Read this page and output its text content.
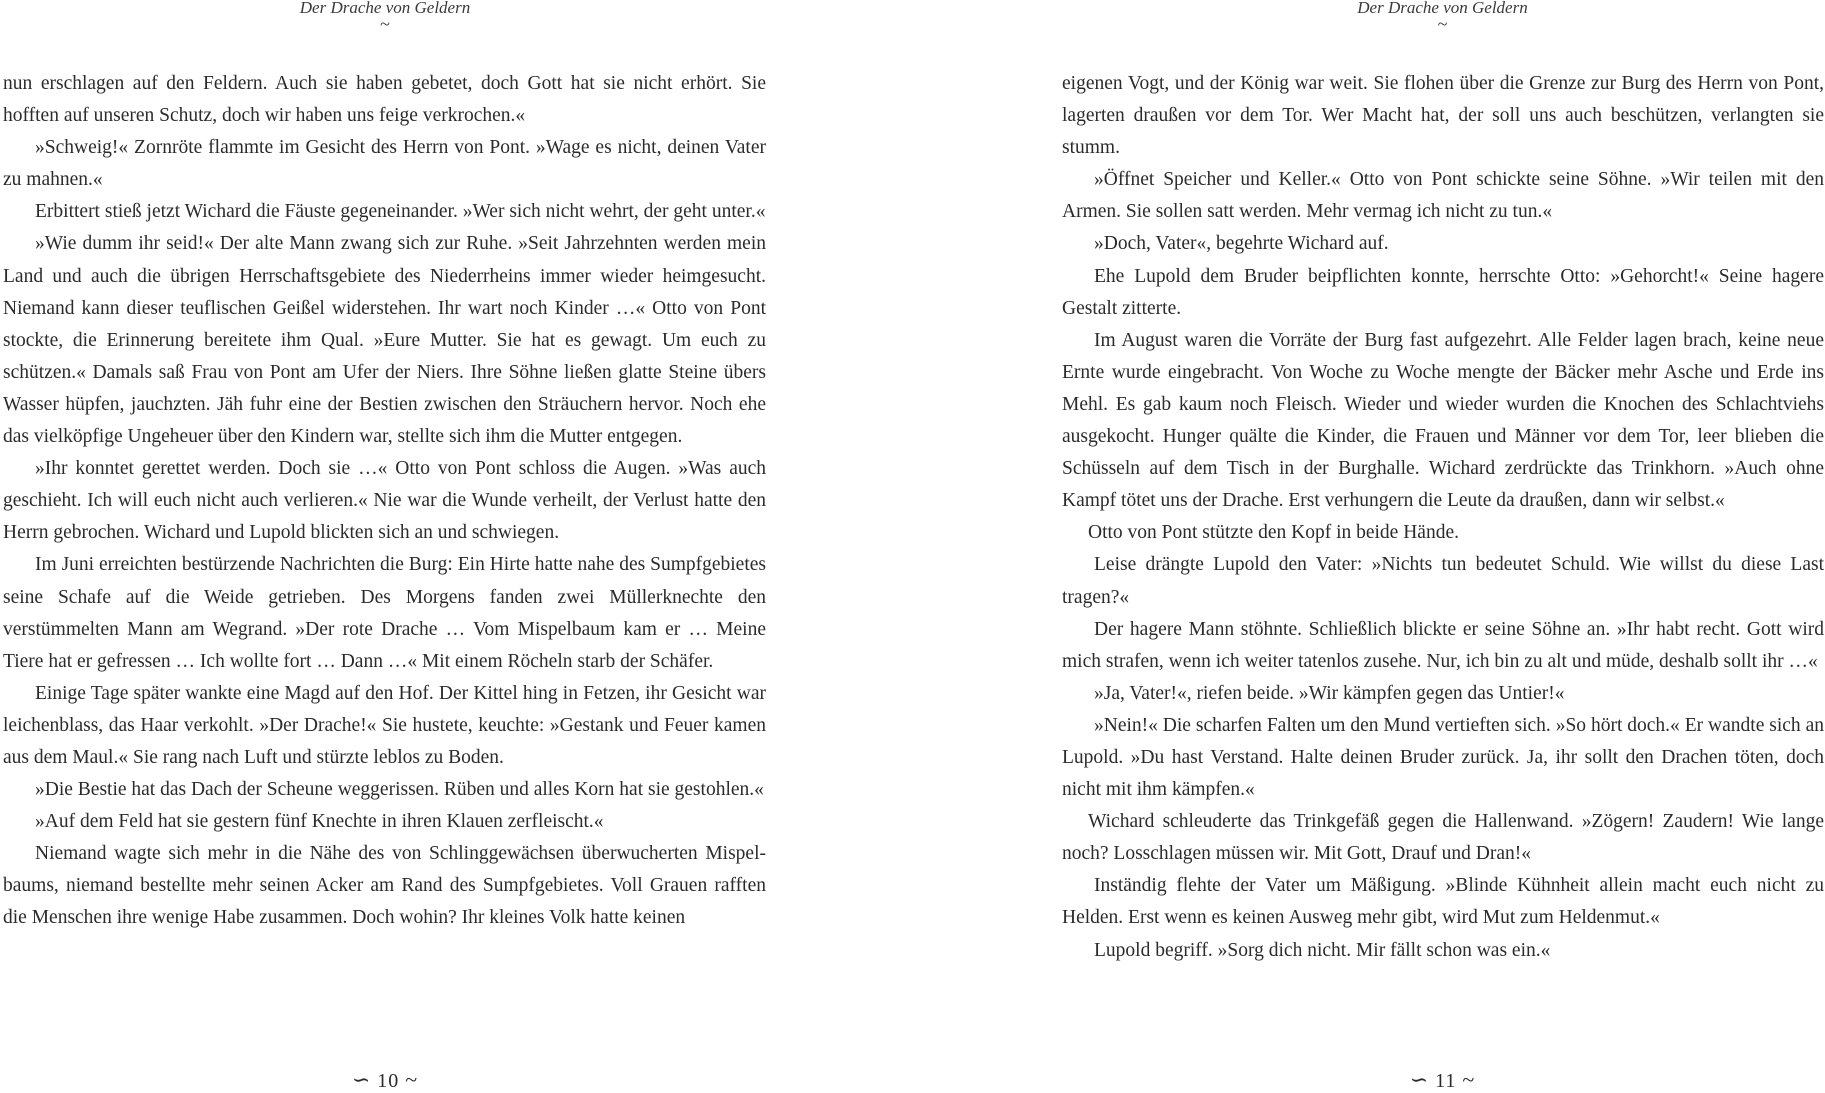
Der Drache von Geldern
~

nun erschlagen auf den Feldern. Auch sie haben gebetet, doch Gott hat sie nicht erhört. Sie hofften auf unseren Schutz, doch wir haben uns feige verkrochen.«

»Schweig!« Zornröte flammte im Gesicht des Herrn von Pont. »Wage es nicht, deinen Vater zu mahnen.«

Erbittert stieß jetzt Wichard die Fäuste gegeneinander. »Wer sich nicht wehrt, der geht unter.«

»Wie dumm ihr seid!« Der alte Mann zwang sich zur Ruhe. »Seit Jahrzehnten werden mein Land und auch die übrigen Herrschaftsgebiete des Niederrheins immer wieder heimgesucht. Niemand kann dieser teuflischen Geißel widerstehen. Ihr wart noch Kinder …« Otto von Pont stockte, die Erinnerung bereitete ihm Qual. »Eure Mutter. Sie hat es gewagt. Um euch zu schützen.« Damals saß Frau von Pont am Ufer der Niers. Ihre Söhne ließen glatte Steine übers Wasser hüpfen, jauchzten. Jäh fuhr eine der Bestien zwischen den Sträuchern hervor. Noch ehe das vielköpfige Ungeheuer über den Kindern war, stellte sich ihm die Mutter entgegen.

»Ihr konntet gerettet werden. Doch sie …« Otto von Pont schloss die Augen. »Was auch geschieht. Ich will euch nicht auch verlieren.« Nie war die Wunde verheilt, der Verlust hatte den Herrn gebrochen. Wichard und Lupold blickten sich an und schwiegen.

Im Juni erreichten bestürzende Nachrichten die Burg: Ein Hirte hatte nahe des Sumpfgebietes seine Schafe auf die Weide getrieben. Des Morgens fanden zwei Müllerknechte den verstümmelten Mann am Wegrand. »Der rote Drache … Vom Mispelbaum kam er … Meine Tiere hat er gefressen … Ich wollte fort … Dann …« Mit einem Röcheln starb der Schäfer.

Einige Tage später wankte eine Magd auf den Hof. Der Kittel hing in Fetzen, ihr Gesicht war leichenblass, das Haar verkohlt. »Der Drache!« Sie hustete, keuchte: »Gestank und Feuer kamen aus dem Maul.« Sie rang nach Luft und stürzte leblos zu Boden.

»Die Bestie hat das Dach der Scheune weggerissen. Rüben und alles Korn hat sie gestohlen.«

»Auf dem Feld hat sie gestern fünf Knechte in ihren Klauen zerfleischt.«

Niemand wagte sich mehr in die Nähe des von Schlinggewächsen überwucherten Mispelbaums, niemand bestellte mehr seinen Acker am Rand des Sumpfgebietes. Voll Grauen rafften die Menschen ihre wenige Habe zusammen. Doch wohin? Ihr kleines Volk hatte keinen

∽ 10 ~
Der Drache von Geldern
~

eigenen Vogt, und der König war weit. Sie flohen über die Grenze zur Burg des Herrn von Pont, lagerten draußen vor dem Tor. Wer Macht hat, der soll uns auch beschützen, verlangten sie stumm.

»Öffnet Speicher und Keller.« Otto von Pont schickte seine Söhne. »Wir teilen mit den Armen. Sie sollen satt werden. Mehr vermag ich nicht zu tun.«

»Doch, Vater«, begehrte Wichard auf.

Ehe Lupold dem Bruder beipflichten konnte, herrschte Otto: »Gehorcht!« Seine hagere Gestalt zitterte.

Im August waren die Vorräte der Burg fast aufgezehrt. Alle Felder lagen brach, keine neue Ernte wurde eingebracht. Von Woche zu Woche mengte der Bäcker mehr Asche und Erde ins Mehl. Es gab kaum noch Fleisch. Wieder und wieder wurden die Knochen des Schlachtviehs ausgekocht. Hunger quälte die Kinder, die Frauen und Männer vor dem Tor, leer blieben die Schüsseln auf dem Tisch in der Burghalle. Wichard zerdrückte das Trinkhorn. »Auch ohne Kampf tötet uns der Drache. Erst verhungern die Leute da draußen, dann wir selbst.«

Otto von Pont stützte den Kopf in beide Hände.

Leise drängte Lupold den Vater: »Nichts tun bedeutet Schuld. Wie willst du diese Last tragen?«

Der hagere Mann stöhnte. Schließlich blickte er seine Söhne an. »Ihr habt recht. Gott wird mich strafen, wenn ich weiter tatenlos zusehe. Nur, ich bin zu alt und müde, deshalb sollt ihr …«

»Ja, Vater!«, riefen beide. »Wir kämpfen gegen das Untier!«

»Nein!« Die scharfen Falten um den Mund vertieften sich. »So hört doch.« Er wandte sich an Lupold. »Du hast Verstand. Halte deinen Bruder zurück. Ja, ihr sollt den Drachen töten, doch nicht mit ihm kämpfen.«

Wichard schleuderte das Trinkgefäß gegen die Hallenwand. »Zögern! Zaudern! Wie lange noch? Losschlagen müssen wir. Mit Gott, Drauf und Dran!«

Inständig flehte der Vater um Mäßigung. »Blinde Kühnheit allein macht euch nicht zu Helden. Erst wenn es keinen Ausweg mehr gibt, wird Mut zum Heldenmut.«

Lupold begriff. »Sorg dich nicht. Mir fällt schon was ein.«

∽ 11 ~
